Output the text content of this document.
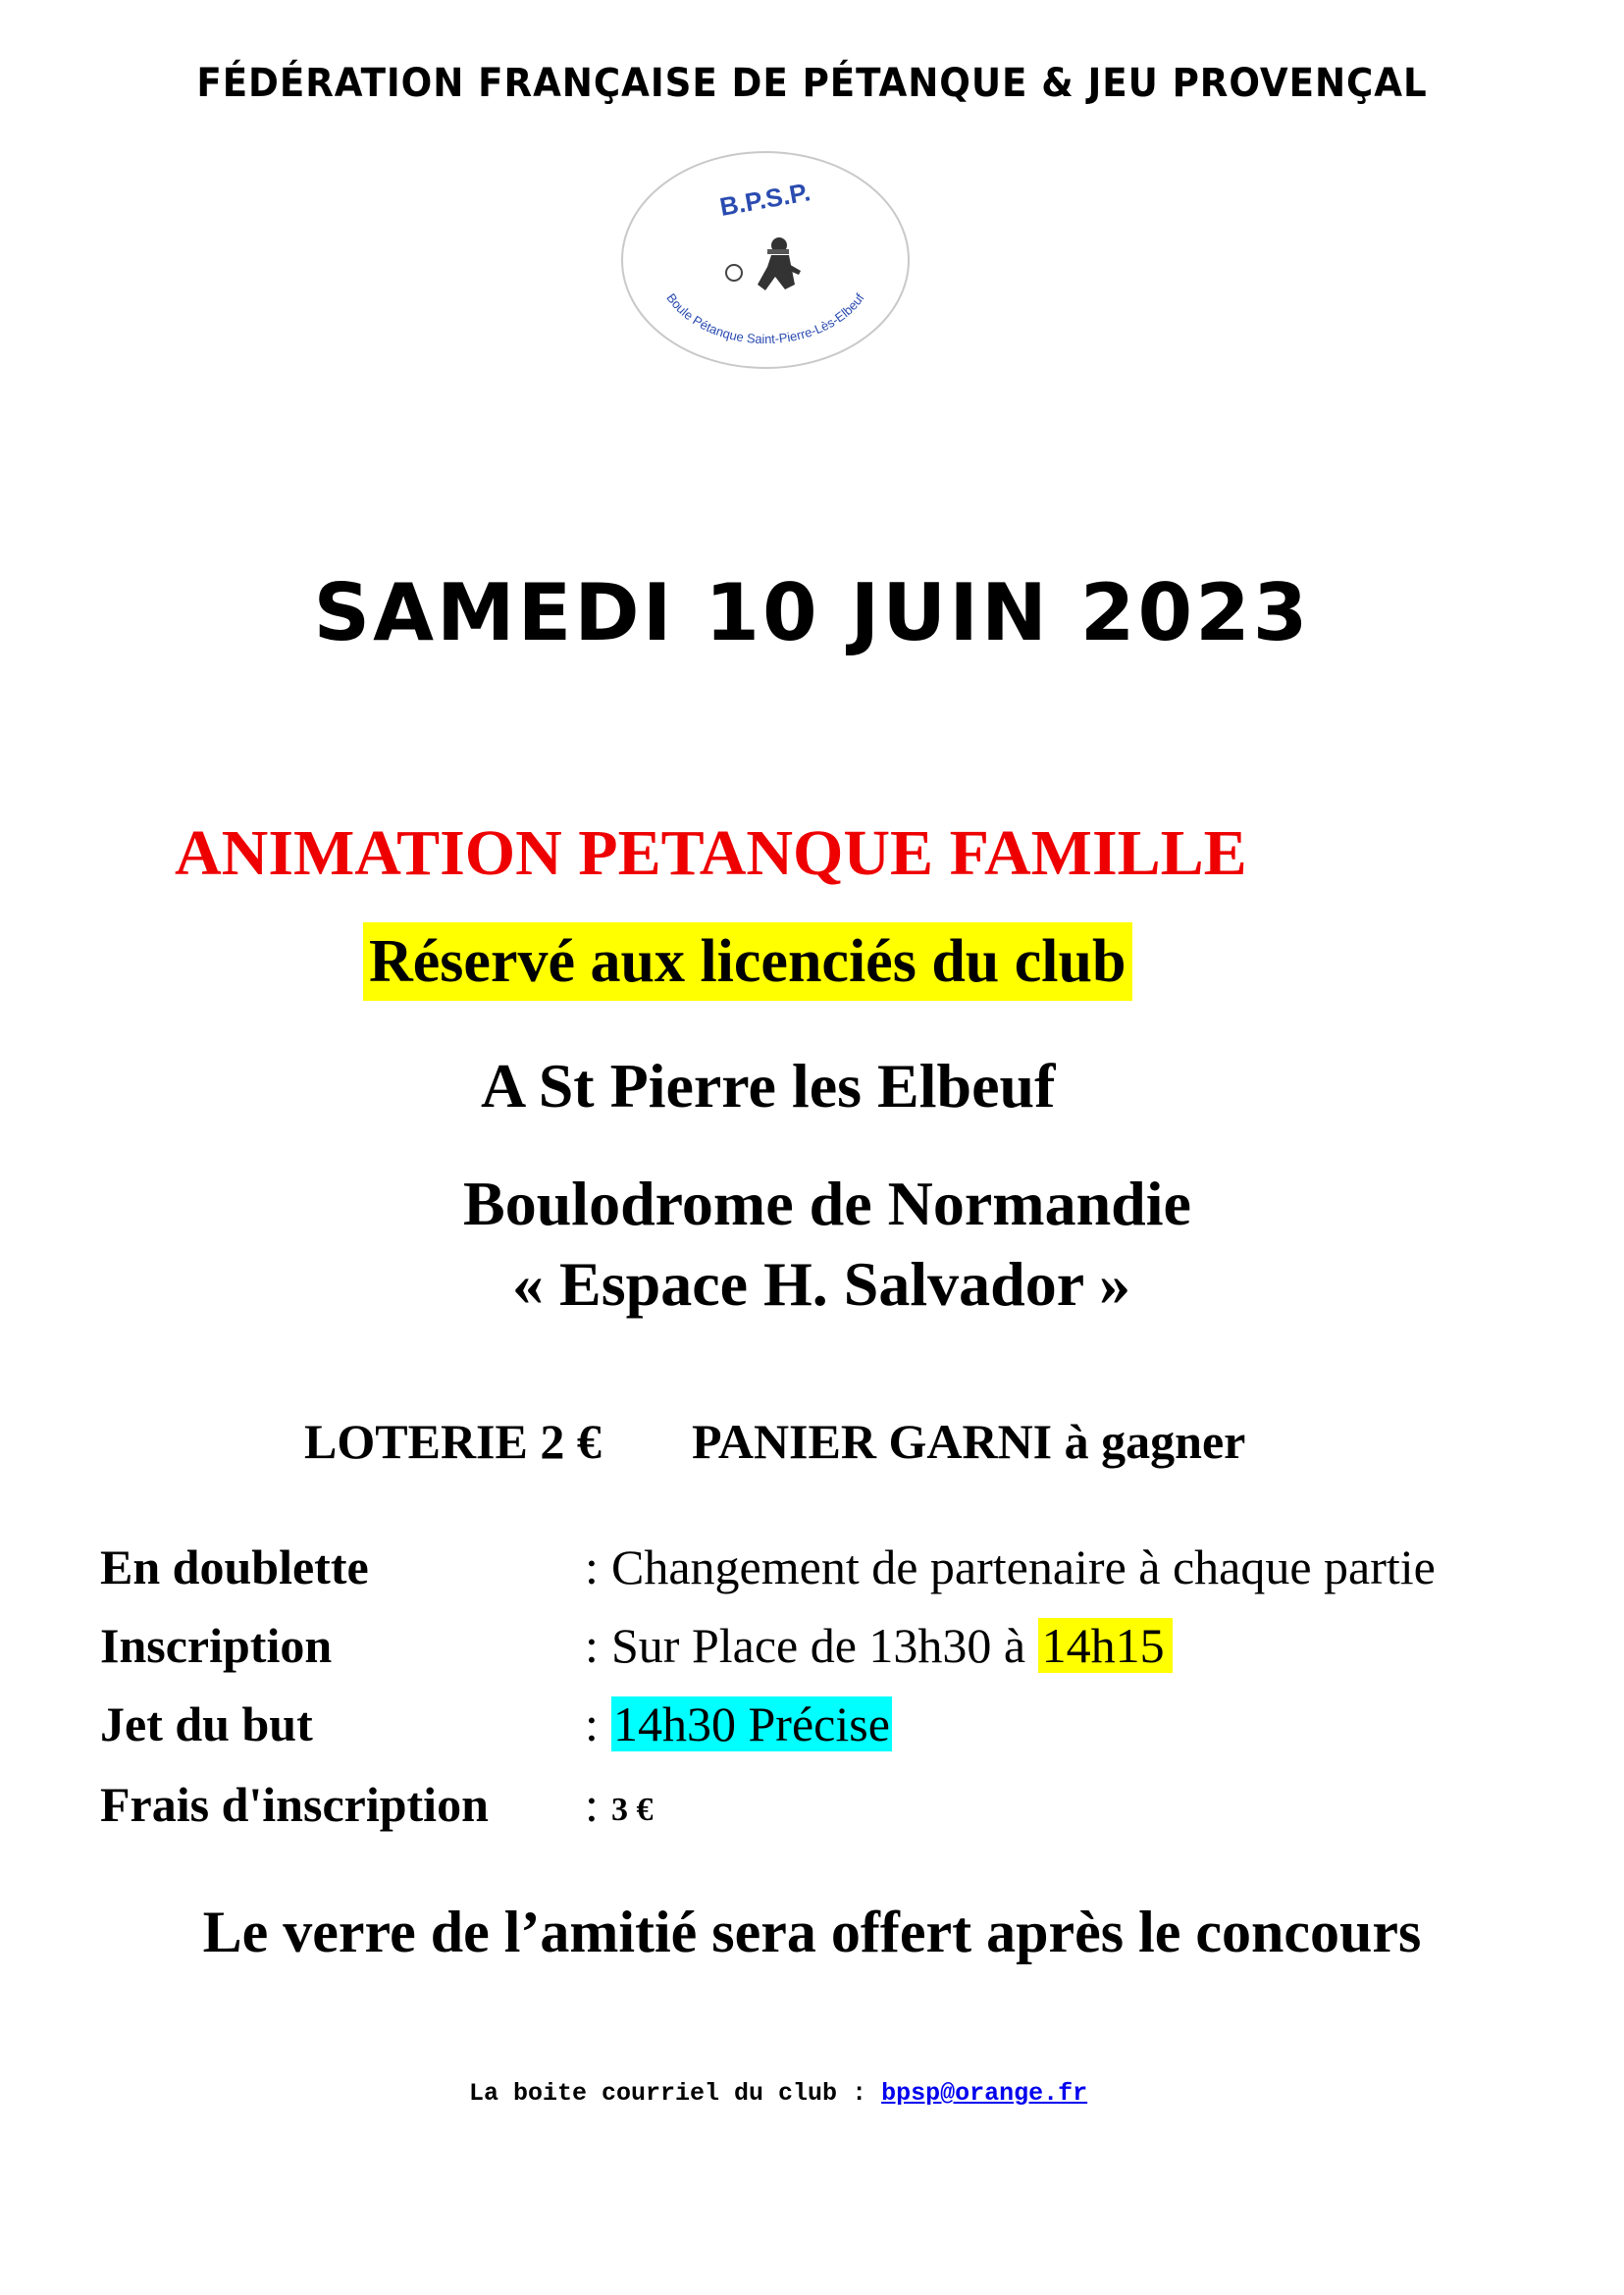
FÉDÉRATION FRANÇAISE DE PÉTANQUE & JEU PROVENÇAL
B.P.S.P.
Boule Pétanque Saint-Pierre-Lès-Elbeuf
SAMEDI 10 JUIN 2023
ANIMATION PETANQUE FAMILLE
Réservé aux licenciés du club
A St Pierre les Elbeuf
Boulodrome de Normandie
« Espace H. Salvador »
LOTERIE 2 € PANIER GARNI à gagner
En doublette	: Changement de partenaire à chaque partie
Inscription	: Sur Place de 13h30 à 14h15
Jet du but	: 14h30 Précise
Frais d'inscription : 3 €
Le verre de l’amitié sera offert après le concours
La boite courriel du club : bpsp@orange.fr
